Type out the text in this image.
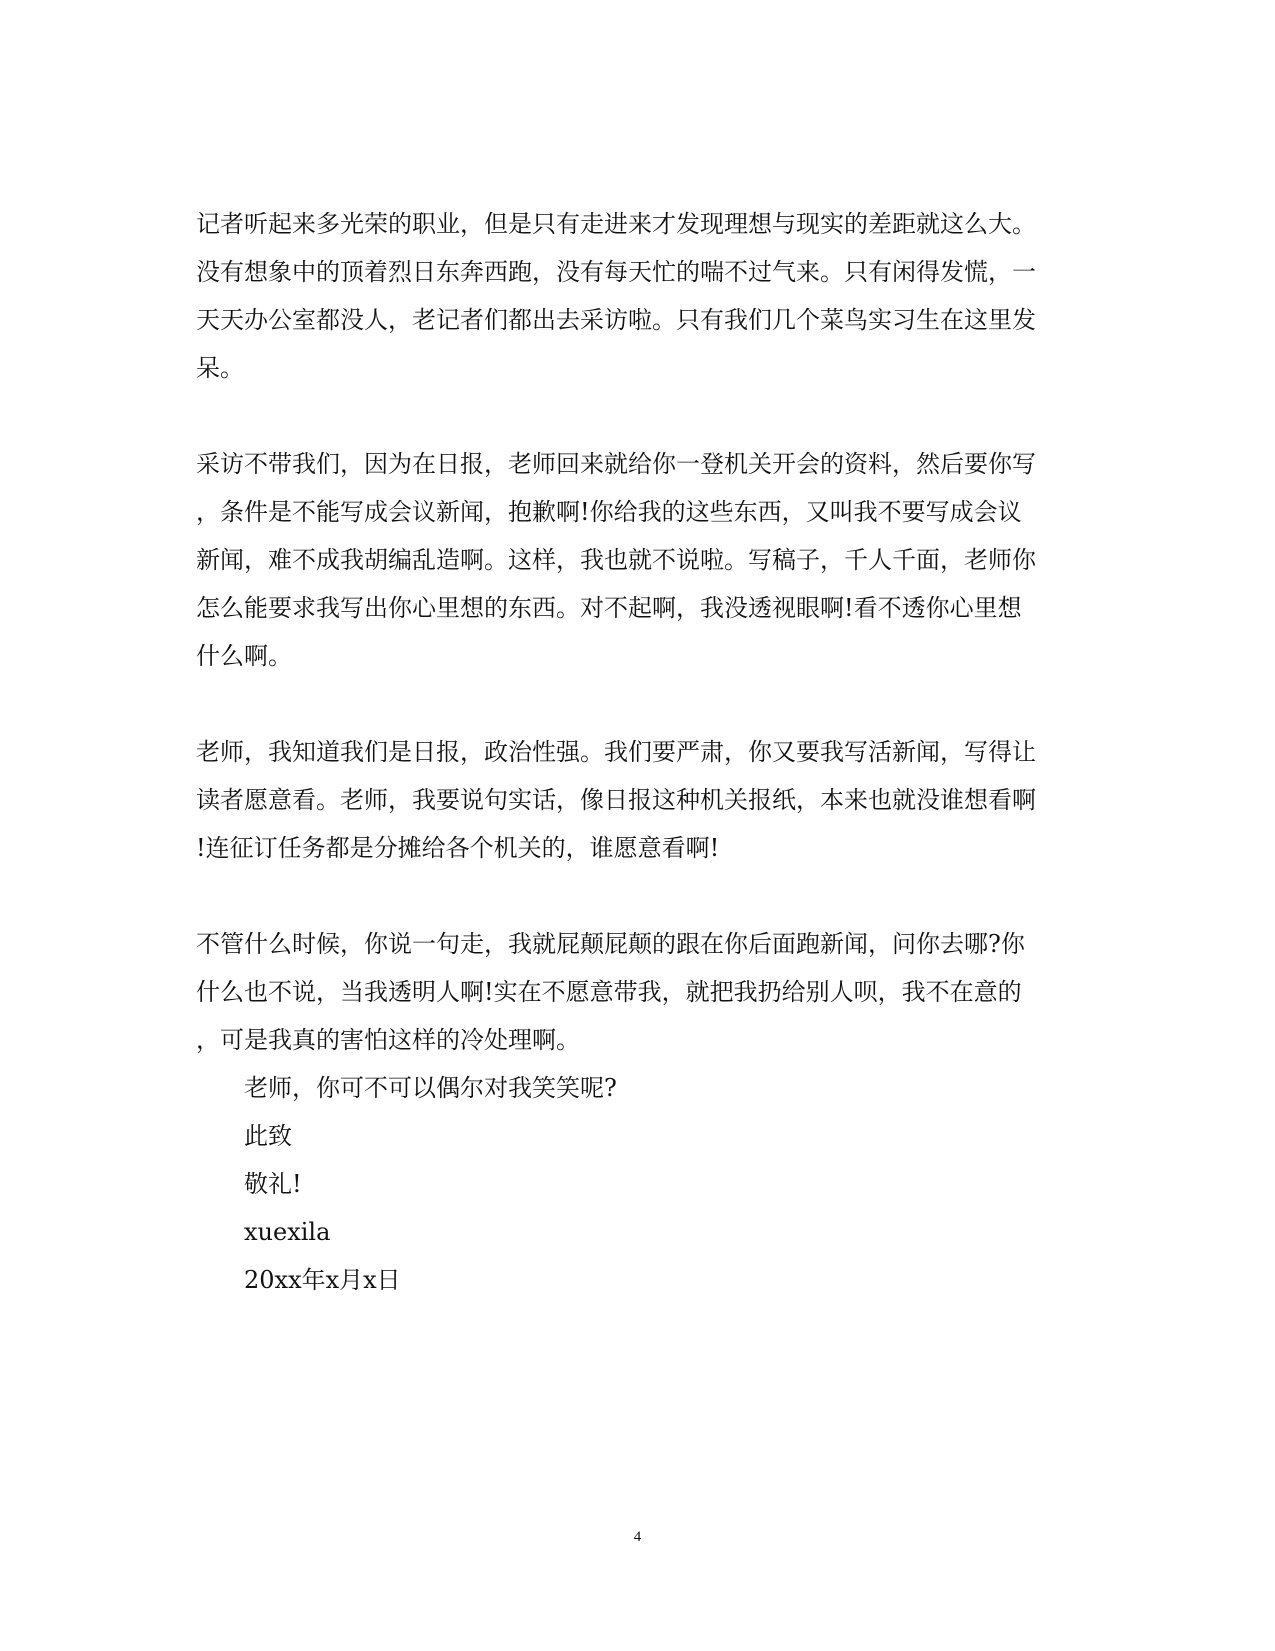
记者听起来多光荣的职业，但是只有走进来才发现理想与现实的差距就这么大。
没有想象中的顶着烈日东奔西跑，没有每天忙的喘不过气来。只有闲得发慌，一
天天办公室都没人，老记者们都出去采访啦。只有我们几个菜鸟实习生在这里发
呆。
采访不带我们，因为在日报，老师回来就给你一登机关开会的资料，然后要你写
，条件是不能写成会议新闻，抱歉啊!你给我的这些东西，又叫我不要写成会议
新闻，难不成我胡编乱造啊。这样，我也就不说啦。写稿子，千人千面，老师你
怎么能要求我写出你心里想的东西。对不起啊，我没透视眼啊!看不透你心里想
什么啊。
老师，我知道我们是日报，政治性强。我们要严肃，你又要我写活新闻，写得让
读者愿意看。老师，我要说句实话，像日报这种机关报纸，本来也就没谁想看啊
!连征订任务都是分摊给各个机关的，谁愿意看啊!
不管什么时候，你说一句走，我就屁颠屁颠的跟在你后面跑新闻，问你去哪?你
什么也不说，当我透明人啊!实在不愿意带我，就把我扔给别人呗，我不在意的
，可是我真的害怕这样的冷处理啊。
老师，你可不可以偶尔对我笑笑呢?
此致
敬礼!
xuexila
20xx年x月x日
4
